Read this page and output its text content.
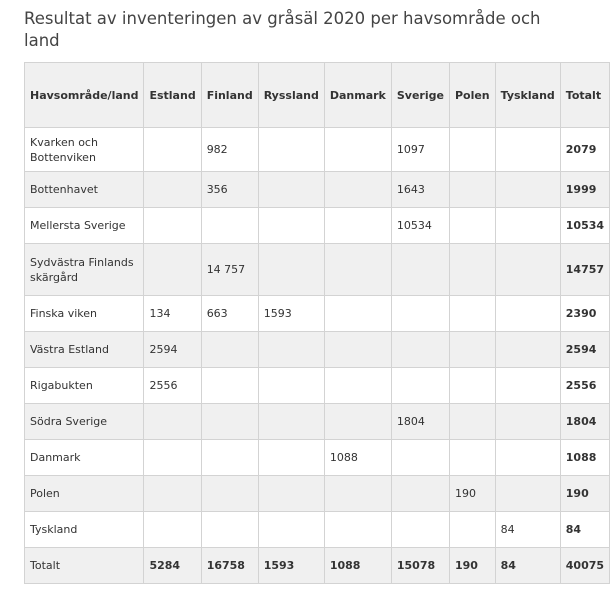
Resultat av inventeringen av gråsäl 2020 per havsområde och land
Havsområde/land	Estland	Finland	Ryssland	Danmark	Sverige	Polen	Tyskland	Totalt
Kvarken och Bottenviken		982			1097			2079
Bottenhavet		356			1643			1999
Mellersta Sverige					10534			10534
Sydvästra Finlands skärgård		14 757						14757
Finska viken	134	663	1593					2390
Västra Estland	2594							2594
Rigabukten	2556							2556
Södra Sverige					1804			1804
Danmark				1088				1088
Polen						190		190
Tyskland							84	84
Totalt	5284	16758	1593	1088	15078	190	84	40075
